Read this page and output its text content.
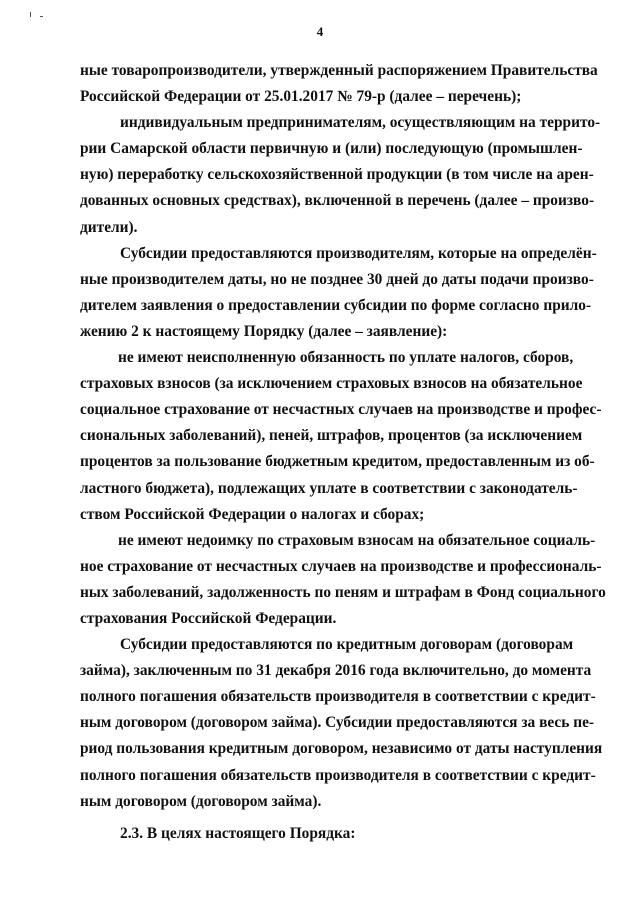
4
ные товаропроизводители, утвержденный распоряжением Правительства
Российской Федерации от 25.01.2017 № 79-р (далее – перечень);
индивидуальным предпринимателям, осуществляющим на террито-
рии Самарской области первичную и (или) последующую (промышлен-
ную) переработку сельскохозяйственной продукции (в том числе на арен-
дованных основных средствах), включенной в перечень (далее – произво-
дители).
Субсидии предоставляются производителям, которые на определён-
ные производителем даты, но не позднее 30 дней до даты подачи произво-
дителем заявления о предоставлении субсидии по форме согласно прило-
жению 2 к настоящему Порядку (далее – заявление):
не имеют неисполненную обязанность по уплате налогов, сборов,
страховых взносов (за исключением страховых взносов на обязательное
социальное страхование от несчастных случаев на производстве и профес-
сиональных заболеваний), пеней, штрафов, процентов (за исключением
процентов за пользование бюджетным кредитом, предоставленным из об-
ластного бюджета), подлежащих уплате в соответствии с законодатель-
ством Российской Федерации о налогах и сборах;
не имеют недоимку по страховым взносам на обязательное социаль-
ное страхование от несчастных случаев на производстве и профессиональ-
ных заболеваний, задолженность по пеням и штрафам в Фонд социального
страхования Российской Федерации.
Субсидии предоставляются по кредитным договорам (договорам
займа), заключенным по 31 декабря 2016 года включительно, до момента
полного погашения обязательств производителя в соответствии с кредит-
ным договором (договором займа). Субсидии предоставляются за весь пе-
риод пользования кредитным договором, независимо от даты наступления
полного погашения обязательств производителя в соответствии с кредит-
ным договором (договором займа).
2.3. В целях настоящего Порядка:
